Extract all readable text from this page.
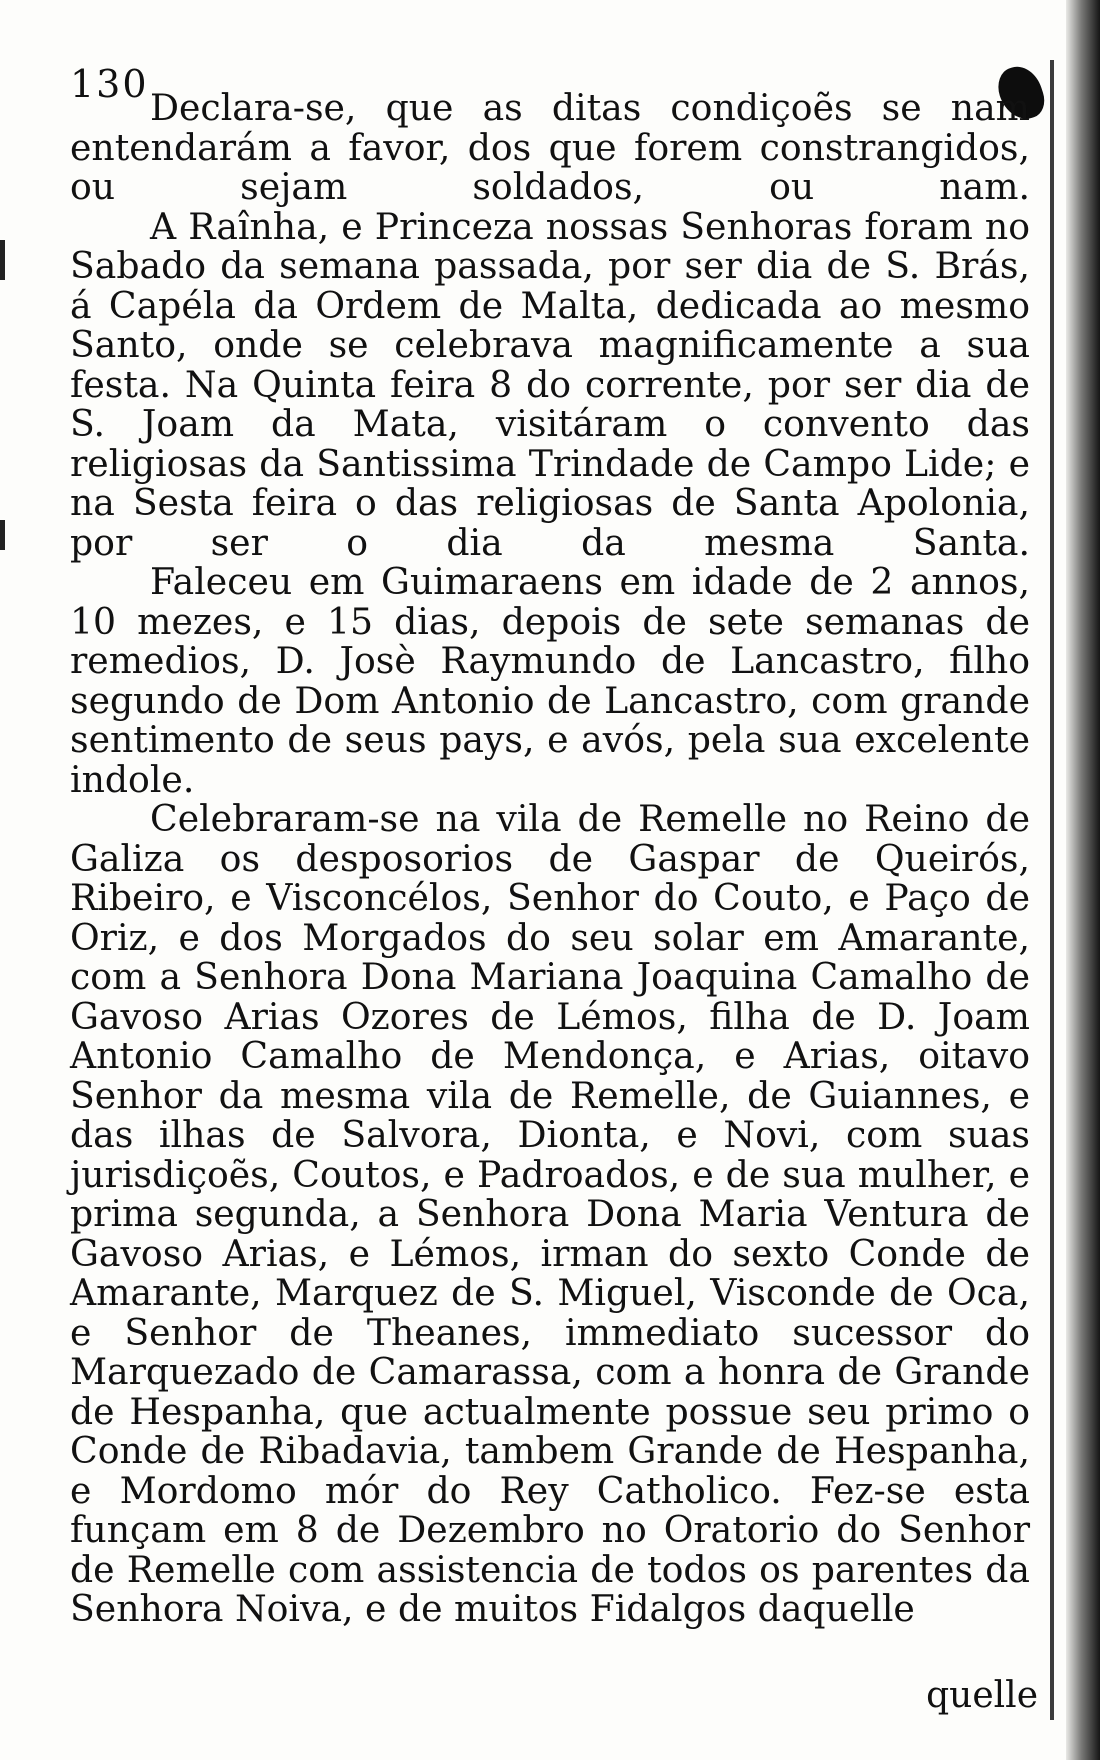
130

Declara-se, que as ditas condiçoẽs se nam entendarám a favor, dos que forem constrangidos, ou sejam soldados, ou nam.

A Raînha, e Princeza nossas Senhoras foram no Sabado da semana passada, por ser dia de S. Brás, á Capéla da Ordem de Malta, dedicada ao mesmo Santo, onde se celebrava magnificamente a sua festa. Na Quinta feira 8 do corrente, por ser dia de S. Joam da Mata, visitáram o convento das religiosas da Santissima Trindade de Campo Lide; e na Sesta feira o das religiosas de Santa Apolonia, por ser o dia da mesma Santa.

Faleceu em Guimaraens em idade de 2 annos, 10 mezes, e 15 dias, depois de sete semanas de remedios, D. Josè Raymundo de Lancastro, filho segundo de Dom Antonio de Lancastro, com grande sentimento de seus pays, e avós, pela sua excelente indole.

Celebraram-se na vila de Remelle no Reino de Galiza os desposorios de Gaspar de Queirós, Ribeiro, e Visconcélos, Senhor do Couto, e Paço de Oriz, e dos Morgados do seu solar em Amarante, com a Senhora Dona Mariana Joaquina Camalho de Gavoso Arias Ozores de Lémos, filha de D. Joam Antonio Camalho de Mendonça, e Arias, oitavo Senhor da mesma vila de Remelle, de Guiannes, e das ilhas de Salvora, Dionta, e Novi, com suas jurisdiçoẽs, Coutos, e Padroados, e de sua mulher, e prima segunda, a Senhora Dona Maria Ventura de Gavoso Arias, e Lémos, irman do sexto Conde de Amarante, Marquez de S. Miguel, Visconde de Oca, e Senhor de Theanes, immediato sucessor do Marquezado de Camarassa, com a honra de Grande de Hespanha, que actualmente possue seu primo o Conde de Ribadavia, tambem Grande de Hespanha, e Mordomo mór do Rey Catholico. Fez-se esta funçam em 8 de Dezembro no Oratorio do Senhor de Remelle com assistencia de todos os parentes da Senhora Noiva, e de muitos Fidalgos daquelle

quelle
